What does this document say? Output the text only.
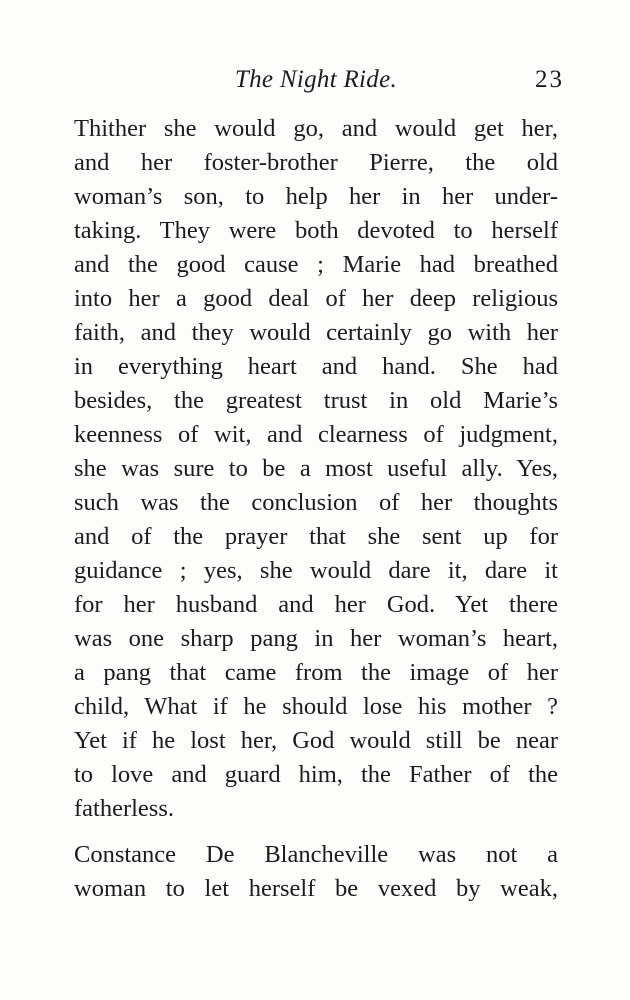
The Night Ride.	23
Thither she would go, and would get her,
and her foster-brother Pierre, the old
woman’s son, to help her in her under-
taking. They were both devoted to herself
and the good cause ; Marie had breathed
into her a good deal of her deep religious
faith, and they would certainly go with her
in everything heart and hand. She had
besides, the greatest trust in old Marie’s
keenness of wit, and clearness of judgment,
she was sure to be a most useful ally. Yes,
such was the conclusion of her thoughts
and of the prayer that she sent up for
guidance ; yes, she would dare it, dare it
for her husband and her God. Yet there
was one sharp pang in her woman’s heart,
a pang that came from the image of her
child, What if he should lose his mother ?
Yet if he lost her, God would still be near
to love and guard him, the Father of the
fatherless.
Constance De Blancheville was not a
woman to let herself be vexed by weak,
